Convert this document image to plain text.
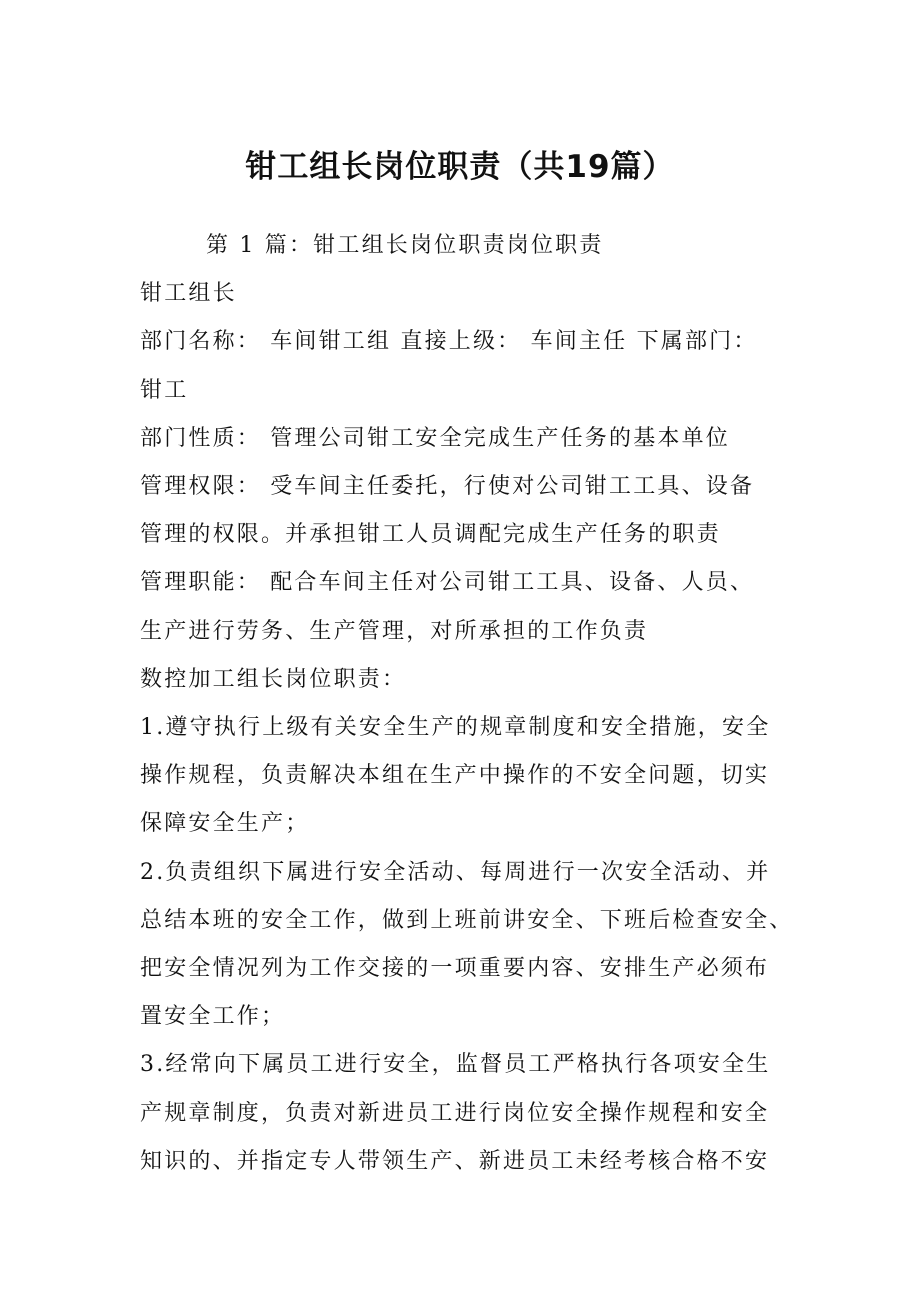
钳工组长岗位职责（共19篇）
第 1 篇：钳工组长岗位职责岗位职责
钳工组长
部门名称： 车间钳工组 直接上级： 车间主任 下属部门：
钳工
部门性质： 管理公司钳工安全完成生产任务的基本单位
管理权限： 受车间主任委托，行使对公司钳工工具、设备
管理的权限。并承担钳工人员调配完成生产任务的职责
管理职能： 配合车间主任对公司钳工工具、设备、人员、
生产进行劳务、生产管理，对所承担的工作负责
数控加工组长岗位职责：
1.遵守执行上级有关安全生产的规章制度和安全措施，安全
操作规程，负责解决本组在生产中操作的不安全问题，切实
保障安全生产；
2.负责组织下属进行安全活动、每周进行一次安全活动、并
总结本班的安全工作，做到上班前讲安全、下班后检查安全、
把安全情况列为工作交接的一项重要内容、安排生产必须布
置安全工作；
3.经常向下属员工进行安全，监督员工严格执行各项安全生
产规章制度，负责对新进员工进行岗位安全操作规程和安全
知识的、并指定专人带领生产、新进员工未经考核合格不安
